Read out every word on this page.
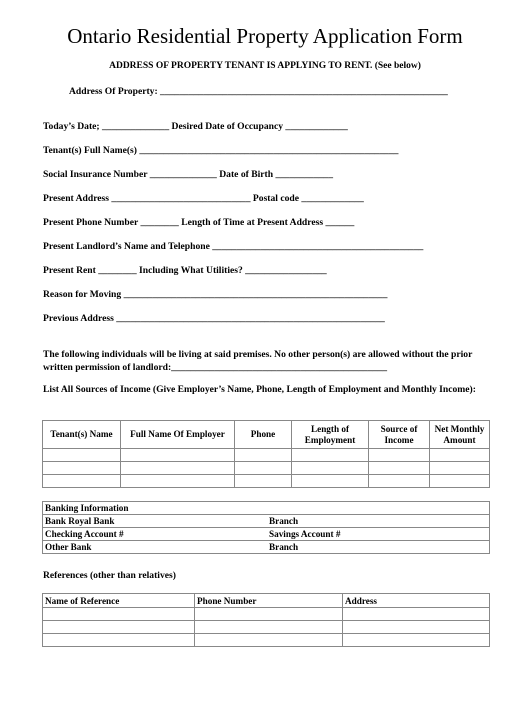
Ontario Residential Property Application Form
ADDRESS OF PROPERTY TENANT IS APPLYING TO RENT. (See below)
Address Of Property: ____________________________________________________________
Today’s Date; ______________ Desired Date of Occupancy _____________
Tenant(s) Full Name(s) ______________________________________________________
Social Insurance Number ______________ Date of Birth ____________
Present Address _____________________________ Postal code _____________
Present Phone Number ________ Length of Time at Present Address ______
Present Landlord’s Name and Telephone ____________________________________________
Present Rent ________ Including What Utilities? _________________
Reason for Moving _______________________________________________________
Previous Address ________________________________________________________
The following individuals will be living at said premises. No other person(s) are allowed without the prior written permission of landlord:_____________________________________________
List All Sources of Income (Give Employer’s Name, Phone, Length of Employment and Monthly Income):
Tenant(s) Name	Full Name Of Employer	Phone	Length of Employment	Source of Income	Net Monthly Amount

Banking Information	
Bank Royal Bank	Branch
Checking Account #	Savings Account #
Other Bank	Branch
References (other than relatives)
Name of Reference	Phone Number	Address
